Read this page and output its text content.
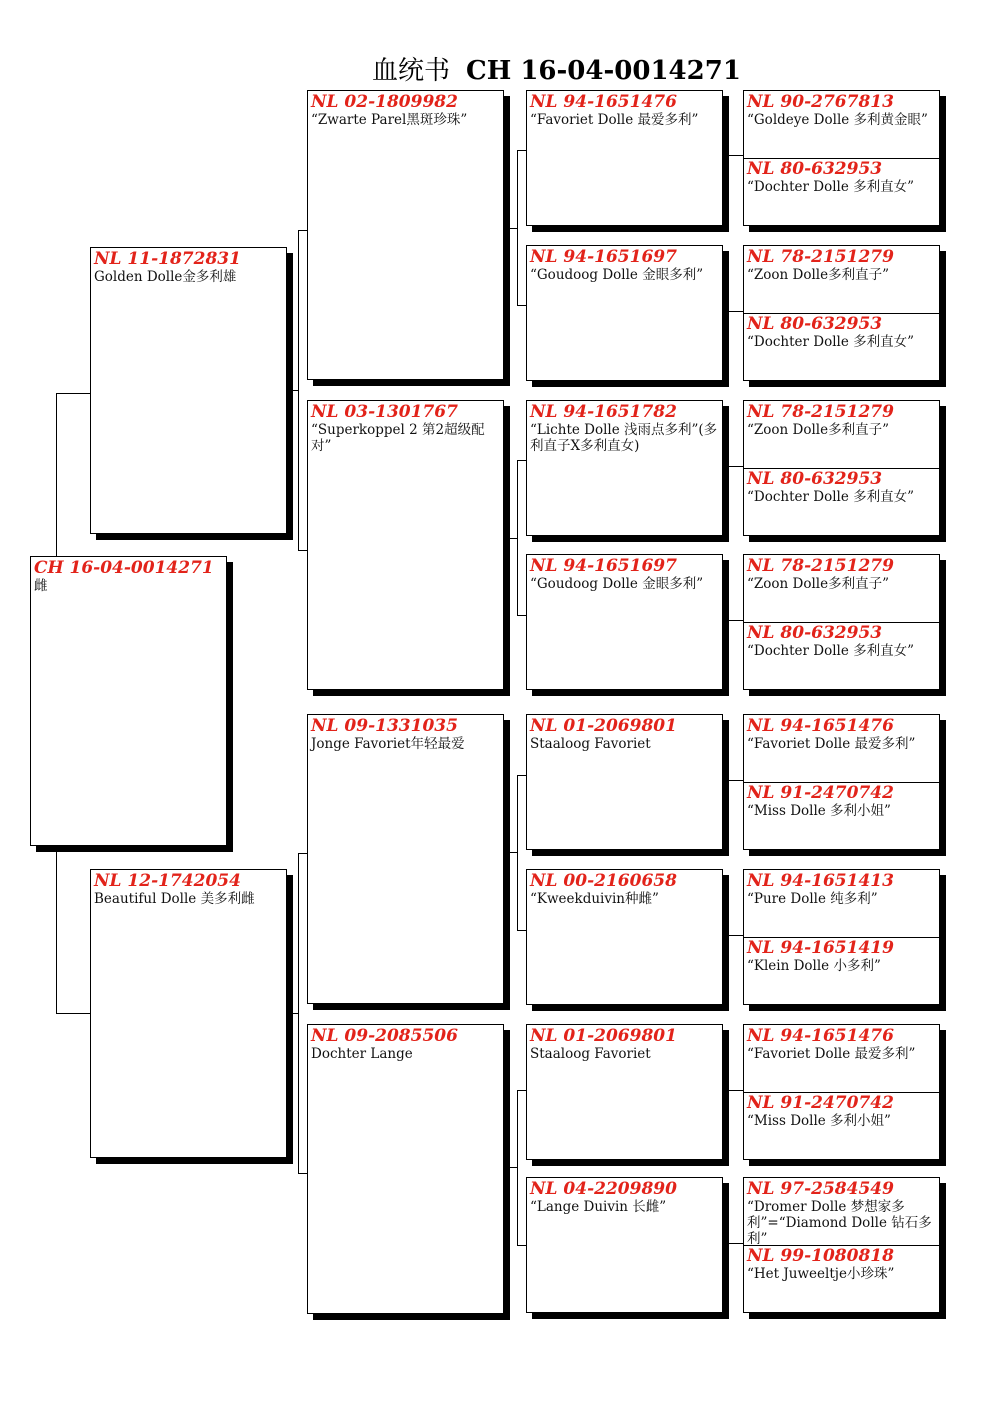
血统书 CH 16-04-0014271
CH 16-04-0014271
雌
NL 11-1872831
Golden Dolle金多利雄
NL 12-1742054
Beautiful Dolle 美多利雌
NL 02-1809982
“Zwarte Parel黑斑珍珠”
NL 03-1301767
“Superkoppel 2 第2超级配对”
NL 09-1331035
Jonge Favoriet年轻最爱
NL 09-2085506
Dochter Lange
NL 94-1651476
“Favoriet Dolle 最爱多利”
NL 94-1651697
“Goudoog Dolle 金眼多利”
NL 94-1651782
“Lichte Dolle 浅雨点多利”(多利直子X多利直女)
NL 94-1651697
“Goudoog Dolle 金眼多利”
NL 01-2069801
Staaloog Favoriet
NL 00-2160658
“Kweekduivin种雌”
NL 01-2069801
Staaloog Favoriet
NL 04-2209890
“Lange Duivin 长雌”
NL 90-2767813
“Goldeye Dolle 多利黄金眼”
NL 80-632953
“Dochter Dolle 多利直女”
NL 78-2151279
“Zoon Dolle多利直子”
NL 80-632953
“Dochter Dolle 多利直女”
NL 78-2151279
“Zoon Dolle多利直子”
NL 80-632953
“Dochter Dolle 多利直女”
NL 78-2151279
“Zoon Dolle多利直子”
NL 80-632953
“Dochter Dolle 多利直女”
NL 94-1651476
“Favoriet Dolle 最爱多利”
NL 91-2470742
“Miss Dolle 多利小姐”
NL 94-1651413
“Pure Dolle 纯多利”
NL 94-1651419
“Klein Dolle 小多利”
NL 94-1651476
“Favoriet Dolle 最爱多利”
NL 91-2470742
“Miss Dolle 多利小姐”
NL 97-2584549
“Dromer Dolle 梦想家多利”=“Diamond Dolle 钻石多利”
NL 99-1080818
“Het Juweeltje小珍珠”
